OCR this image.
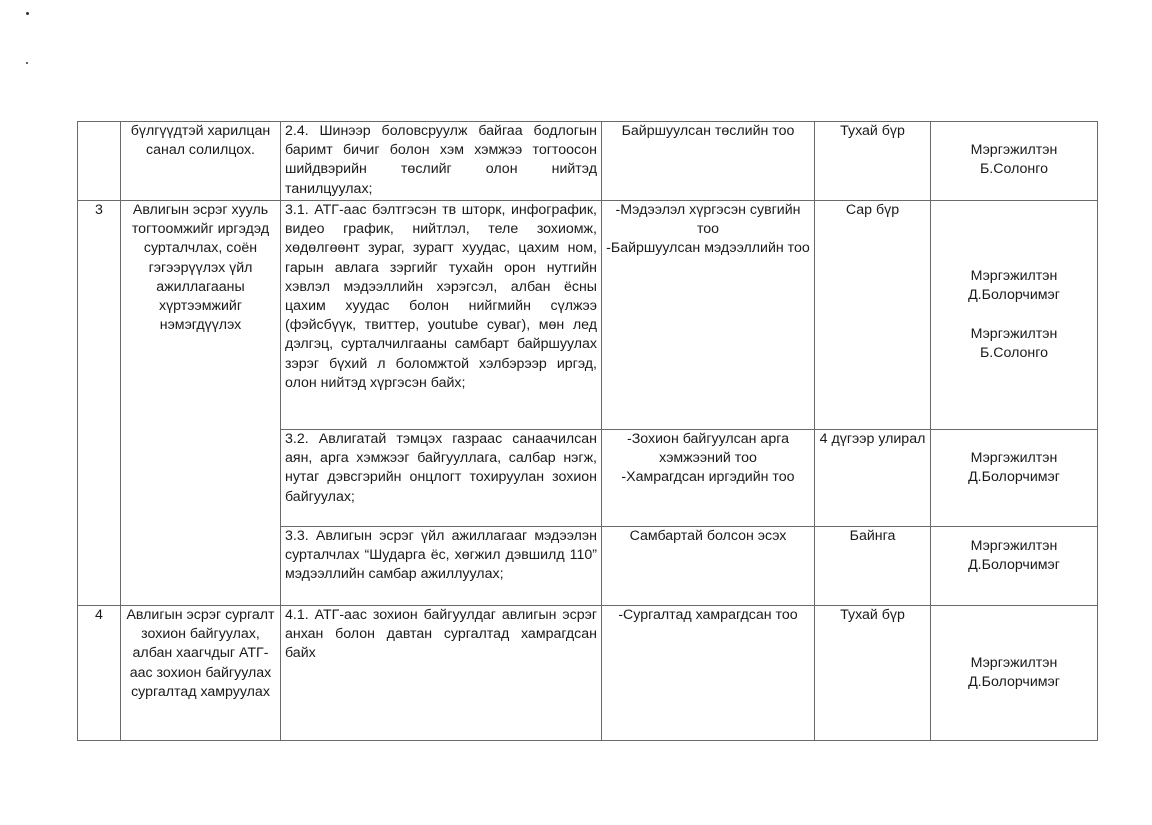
	бүлгүүдтэй харилцан санал солилцох.	2.4. Шинээр боловсруулж байгаа бодлогын баримт бичиг болон хэм хэмжээ тогтоосон шийдвэрийн төслийг олон нийтэд танилцуулах;	Байршуулсан төслийн тоо	Тухай бүр	Мэргэжилтэн Б.Солонго

3	Авлигын эсрэг хууль тогтоомжийг иргэдэд сурталчлах, соён гэгээрүүлэх үйл ажиллагааны хүртээмжийг нэмэгдүүлэх	3.1. АТГ-аас бэлтгэсэн тв шторк, инфографик, видео график, нийтлэл, теле зохиомж, хөдөлгөөнт зураг, зурагт хуудас, цахим ном, гарын авлага зэргийг тухайн орон нутгийн хэвлэл мэдээллийн хэрэгсэл, албан ёсны цахим хуудас болон нийгмийн сүлжээ (фэйсбүүк, твиттер, youtube суваг), мөн лед дэлгэц, сурталчилгааны самбарт байршуулах зэрэг бүхий л боломжтой хэлбэрээр иргэд, олон нийтэд хүргэсэн байх;	-Мэдээлэл хүргэсэн сувгийн тоо
-Байршуулсан мэдээллийн тоо	Сар бүр	Мэргэжилтэн Д.Болорчимэг
Мэргэжилтэн Б.Солонго

		3.2. Авлигатай тэмцэх газраас санаачилсан аян, арга хэмжээг байгууллага, салбар нэгж, нутаг дэвсгэрийн онцлогт тохируулан зохион байгуулах;	-Зохион байгуулсан арга хэмжээний тоо
-Хамрагдсан иргэдийн тоо	4 дүгээр улирал	Мэргэжилтэн Д.Болорчимэг

		3.3. Авлигын эсрэг үйл ажиллагааг мэдээлэн сурталчлах “Шударга ёс, хөгжил дэвшилд 110” мэдээллийн самбар ажиллуулах;	Самбартай болсон эсэх	Байнга	Мэргэжилтэн Д.Болорчимэг

4	Авлигын эсрэг сургалт зохион байгуулах, албан хаагчдыг АТГ-аас зохион байгуулах сургалтад хамруулах	4.1. АТГ-аас зохион байгуулдаг авлигын эсрэг анхан болон давтан сургалтад хамрагдсан байх	-Сургалтад хамрагдсан тоо	Тухай бүр	Мэргэжилтэн Д.Болорчимэг
